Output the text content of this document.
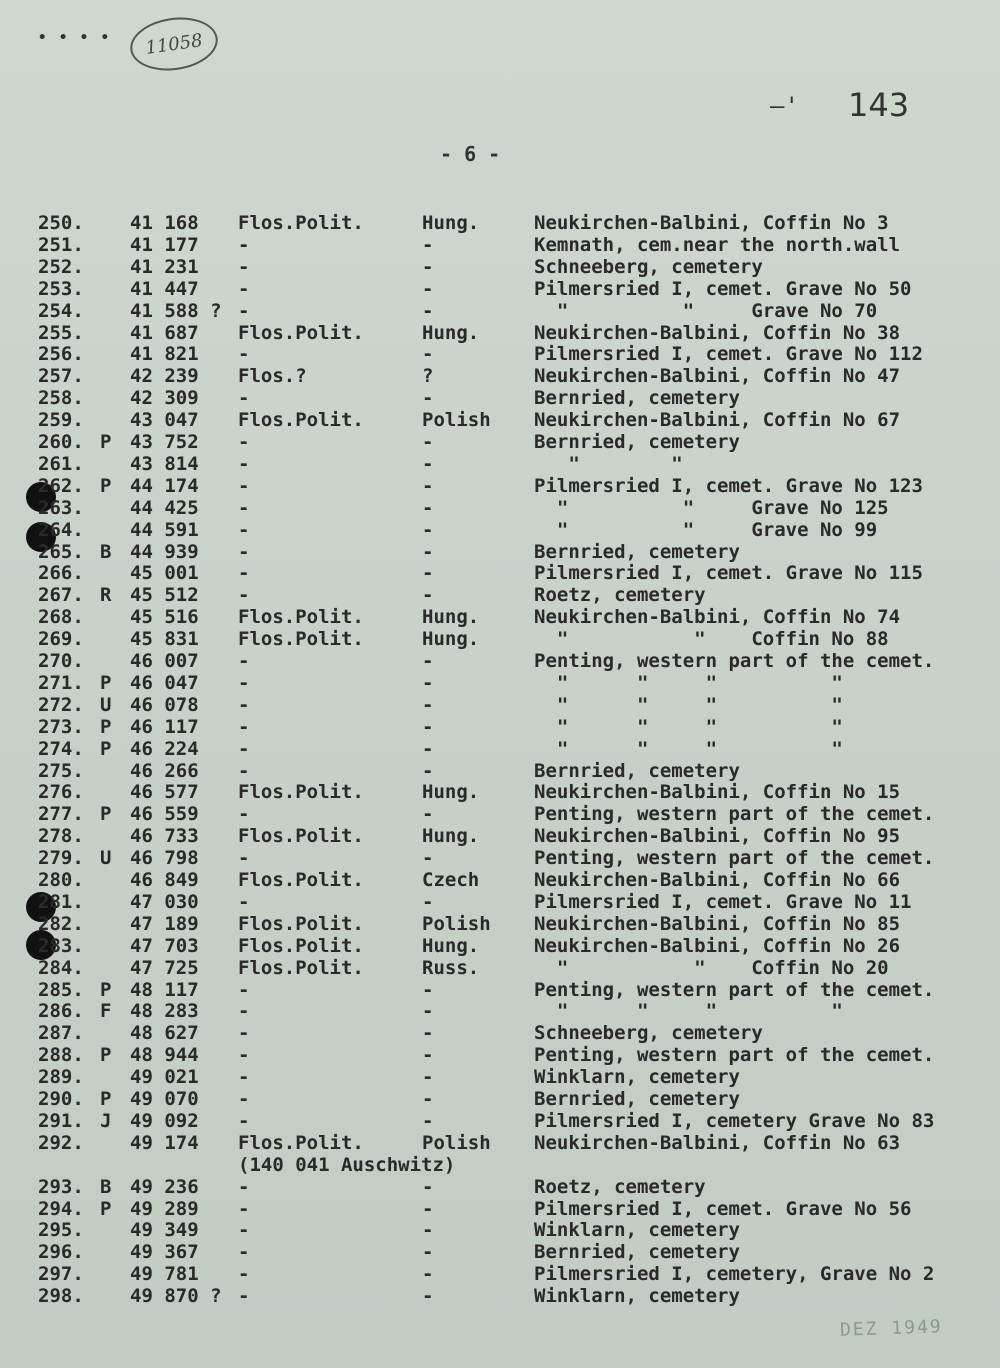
• • • •	11058
–' 143
- 6 -
250. 41 168 Flos.Polit.	Hung.	Neukirchen-Balbini, Coffin No 3
251. 41 177 -	-	Kemnath, cem.near the north.wall
252. 41 231 -	-	Schneeberg, cemetery
253. 41 447 -	-	Pilmersried I, cemet. Grave No 50
254. 41 588 ? -	-	"          "     Grave No 70
255. 41 687 Flos.Polit.	Hung.	Neukirchen-Balbini, Coffin No 38
256. 41 821 -	-	Pilmersried I, cemet. Grave No 112
257. 42 239 Flos.?	?	Neukirchen-Balbini, Coffin No 47
258. 42 309 -	-	Bernried, cemetery
259. 43 047 Flos.Polit.	Polish Neukirchen-Balbini, Coffin No 67
260. P 43 752 -	-	Bernried, cemetery
261. 43 814 -	-	"        "
262. P 44 174 -	-	Pilmersried I, cemet. Grave No 123
263. 44 425 -	-	"          "     Grave No 125
264. 44 591 -	-	"          "     Grave No 99
265. B 44 939 -	-	Bernried, cemetery
266. 45 001 -	-	Pilmersried I, cemet. Grave No 115
267. R 45 512 -	-	Roetz, cemetery
268. 45 516 Flos.Polit.	Hung.	Neukirchen-Balbini, Coffin No 74
269. 45 831 Flos.Polit.	Hung.	"           "    Coffin No 88
270. 46 007 -	-	Penting, western part of the cemet.
271. P 46 047 -	-	"      "     "          "
272. U 46 078 -	-	"      "     "          "
273. P 46 117 -	-	"      "     "          "
274. P 46 224 -	-	"      "     "          "
275. 46 266 -	-	Bernried, cemetery
276. 46 577 Flos.Polit.	Hung.	Neukirchen-Balbini, Coffin No 15
277. P 46 559 -	-	Penting, western part of the cemet.
278. 46 733 Flos.Polit.	Hung.	Neukirchen-Balbini, Coffin No 95
279. U 46 798 -	-	Penting, western part of the cemet.
280. 46 849 Flos.Polit.	Czech	Neukirchen-Balbini, Coffin No 66
281. 47 030 -	-	Pilmersried I, cemet. Grave No 11
282. 47 189 Flos.Polit.	Polish Neukirchen-Balbini, Coffin No 85
283. 47 703 Flos.Polit.	Hung.	Neukirchen-Balbini, Coffin No 26
284. 47 725 Flos.Polit.	Russ.	"           "    Coffin No 20
285. P 48 117 -	-	Penting, western part of the cemet.
286. F 48 283 -	-	"      "     "          "
287. 48 627 -	-	Schneeberg, cemetery
288. P 48 944 -	-	Penting, western part of the cemet.
289. 49 021 -	-	Winklarn, cemetery
290. P 49 070 -	-	Bernried, cemetery
291. J 49 092 -	-	Pilmersried I, cemetery Grave No 83
292. 49 174 Flos.Polit.	Polish Neukirchen-Balbini, Coffin No 63
(140 041 Auschwitz)
293. B 49 236 -	-	Roetz, cemetery
294. P 49 289 -	-	Pilmersried I, cemet. Grave No 56
295. 49 349 -	-	Winklarn, cemetery
296. 49 367 -	-	Bernried, cemetery
297. 49 781 -	-	Pilmersried I, cemetery, Grave No 2
298. 49 870 ? -	-	Winklarn, cemetery
DEZ 1949
